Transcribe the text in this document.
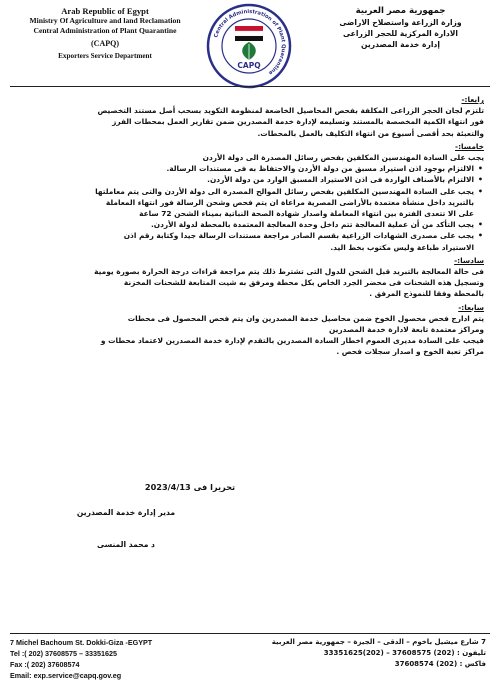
Arab Republic of Egypt
Ministry Of Agriculture and land Reclamation
Central Administration of Plant Quarantine
(CAPQ)
Exporters Service Department
Central Administration of Plant Quarantine
CAPQ
جمهورية مصر العربية
وزارة الزراعة واستصلاح الاراضى
الادارة المركزية للحجر الزراعى
إدارة خدمة المصدرين
رابعا:-

تلتزم لجان الحجر الزراعى المكلفة بفحص المحاصيل الخاضعة لمنظومة التكويد بسحب أصل مستند التخصيص

فور انتهاء الكمية المخصصة بالمستند وتسليمه لإدارة خدمة المصدرين ضمن تقارير العمل بمحطات الفرز

والتعبئة بحد أقصى أسبوع من انتهاء التكليف بالعمل بالمحطات.

خامسا:-

يجب على السادة المهندسين المكلفين بفحص رسائل المصدرة الى دولة الأردن

• الالتزام بوجود اذن استيراد مسبق من دولة الأردن والاحتفاظ به فى مستندات الرسالة.
• الالتزام بالأصناف الواردة فى اذن الاستيراد المسبق الوارد من دولة الأردن.
• يجب على السادة المهندسين المكلفين بفحص رسائل الموالح المصدرة الى دولة الأردن والتى يتم معاملتها
بالتبريد داخل منشأة معتمدة بالأراضى المصرية مراعاة ان يتم فحص وشحن الرسالة فور انتهاء المعاملة
على الا تتعدى الفترة بين انتهاء المعاملة واصدار شهادة الصحة النباتية بميناء الشحن 72 ساعة
• يجب التأكد من أن عملية المعالجة تتم داخل وحدة المعالجة المعتمدة بالمحطة لدولة الأردن.
• يجب على مصدرى الشهادات الزراعية بقسم الصادر مراجعة مستندات الرسالة جيدا وكتابة رقم اذن
الاستيراد طباعة وليس مكتوب بخط اليد.
سادسا:-

فى حالة المعالجة بالتبريد قبل الشحن للدول التى تشترط ذلك يتم مراجعة قراءات درجة الحرارة بصورة يومية

وتسجيل هذه الشحنات فى محضر الجرد الخاص بكل محطة ومرفق به شيت المتابعة للشحنات المخزنة

بالمحطة وفقا للنموذج المرفق .

سابعا:-

يتم ادارج فحص محصول الخوخ ضمن محاصيل خدمة المصدرين وان يتم فحص المحصول فى محطات

ومراكز معتمدة تابعة لادارة خدمة المصدرين

فيجب على السادة مديرى العموم اخطار السادة المصدرين بالتقدم لإدارة خدمة المصدرين لاعتماد محطات و

مراكز تعبة الخوخ و اصدار سجلات فحص .

تحريرا فى 2023/4/13
مدير إدارة خدمة المصدرين
د محمد المنسى
7 Michel Bachoum St. Dokki-Giza -EGYPT
Tel :( 202) 37608575 – 33351625
Fax :( 202) 37608574
Email: exp.service@capq.gov.eg
7 شارع ميشيل باخوم – الدقى – الجيزة – جمهورية مصر العربية
تليفون : (202) 37608575 – (202)33351625
فاكس : (202) 37608574
